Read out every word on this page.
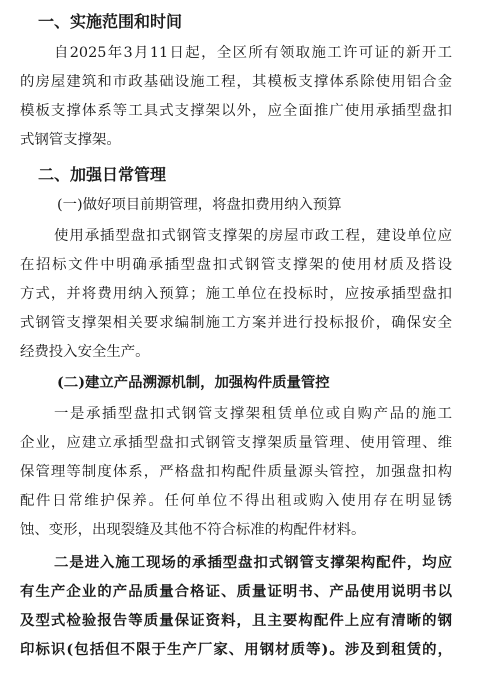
一、实施范围和时间
自2025年3月11日起，全区所有领取施工许可证的新开工
的房屋建筑和市政基础设施工程，其模板支撑体系除使用铝合金
模板支撑体系等工具式支撑架以外，应全面推广使用承插型盘扣
式钢管支撑架。
二、加强日常管理
(一)做好项目前期管理，将盘扣费用纳入预算
使用承插型盘扣式钢管支撑架的房屋市政工程，建设单位应
在招标文件中明确承插型盘扣式钢管支撑架的使用材质及搭设
方式，并将费用纳入预算；施工单位在投标时，应按承插型盘扣
式钢管支撑架相关要求编制施工方案并进行投标报价，确保安全
经费投入安全生产。
(二)建立产品溯源机制，加强构件质量管控
一是承插型盘扣式钢管支撑架租赁单位或自购产品的施工
企业，应建立承插型盘扣式钢管支撑架质量管理、使用管理、维
保管理等制度体系，严格盘扣构配件质量源头管控，加强盘扣构
配件日常维护保养。任何单位不得出租或购入使用存在明显锈
蚀、变形，出现裂缝及其他不符合标准的构配件材料。
二是进入施工现场的承插型盘扣式钢管支撑架构配件，均应
有生产企业的产品质量合格证、质量证明书、产品使用说明书以
及型式检验报告等质量保证资料，且主要构配件上应有清晰的钢
印标识(包括但不限于生产厂家、用钢材质等)。涉及到租赁的，
